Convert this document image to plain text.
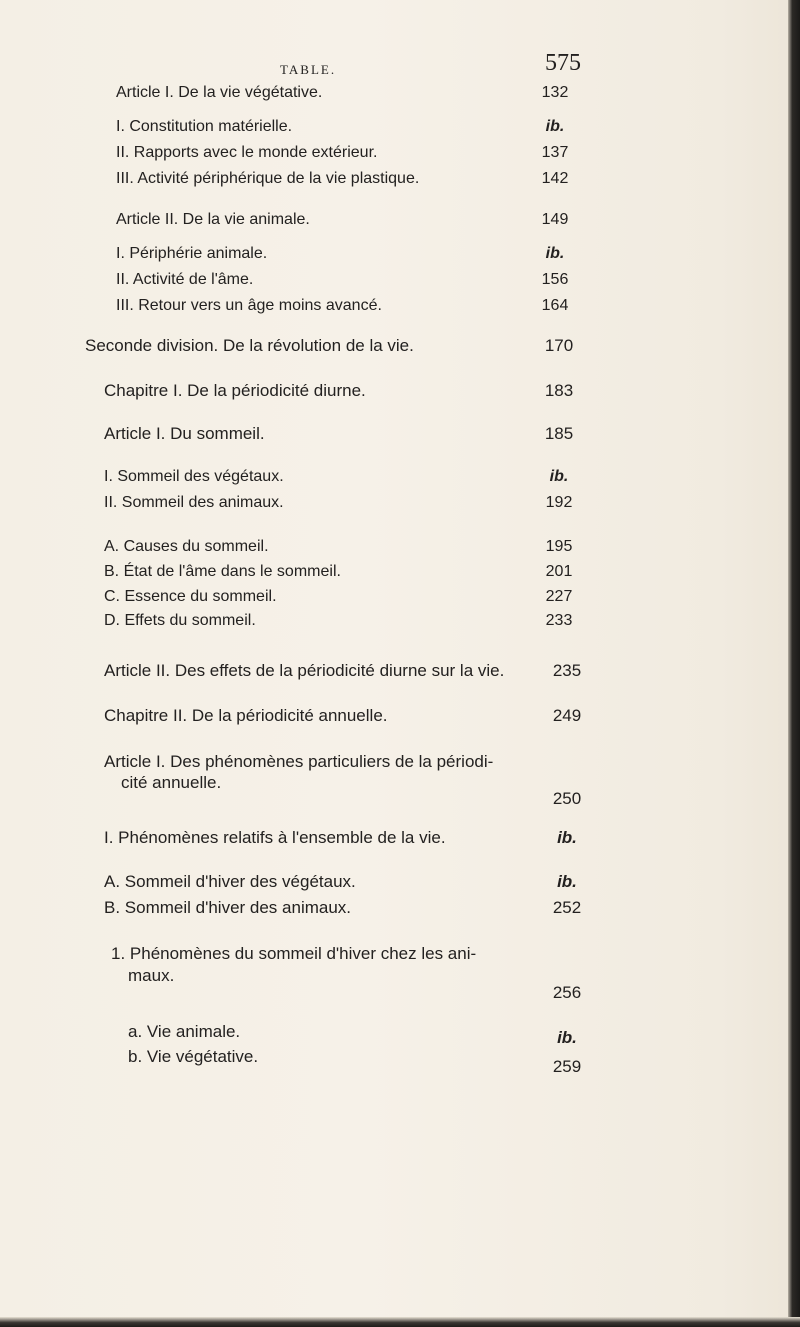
TABLE.	575
Article I. De la vie végétative.	132
I. Constitution matérielle.	ib.
II. Rapports avec le monde extérieur.	137
III. Activité périphérique de la vie plastique.	142
Article II. De la vie animale.	149
I. Périphérie animale.	ib.
II. Activité de l'âme.	156
III. Retour vers un âge moins avancé.	164
Seconde division. De la révolution de la vie.	170
Chapitre I. De la périodicité diurne.	183
Article I. Du sommeil.	185
I. Sommeil des végétaux.	ib.
II. Sommeil des animaux.	192
A. Causes du sommeil.	195
B. État de l'âme dans le sommeil.	201
C. Essence du sommeil.	227
D. Effets du sommeil.	233
Article II. Des effets de la périodicité diurne sur la vie.	235
Chapitre II. De la périodicité annuelle.	249
Article I. Des phénomènes particuliers de la périodi-
cité annuelle.
250
I. Phénomènes relatifs à l'ensemble de la vie.	ib.
A. Sommeil d'hiver des végétaux.	ib.
B. Sommeil d'hiver des animaux.	252
1. Phénomènes du sommeil d'hiver chez les ani-
maux.
256
a. Vie animale.	ib.
b. Vie végétative.
259
